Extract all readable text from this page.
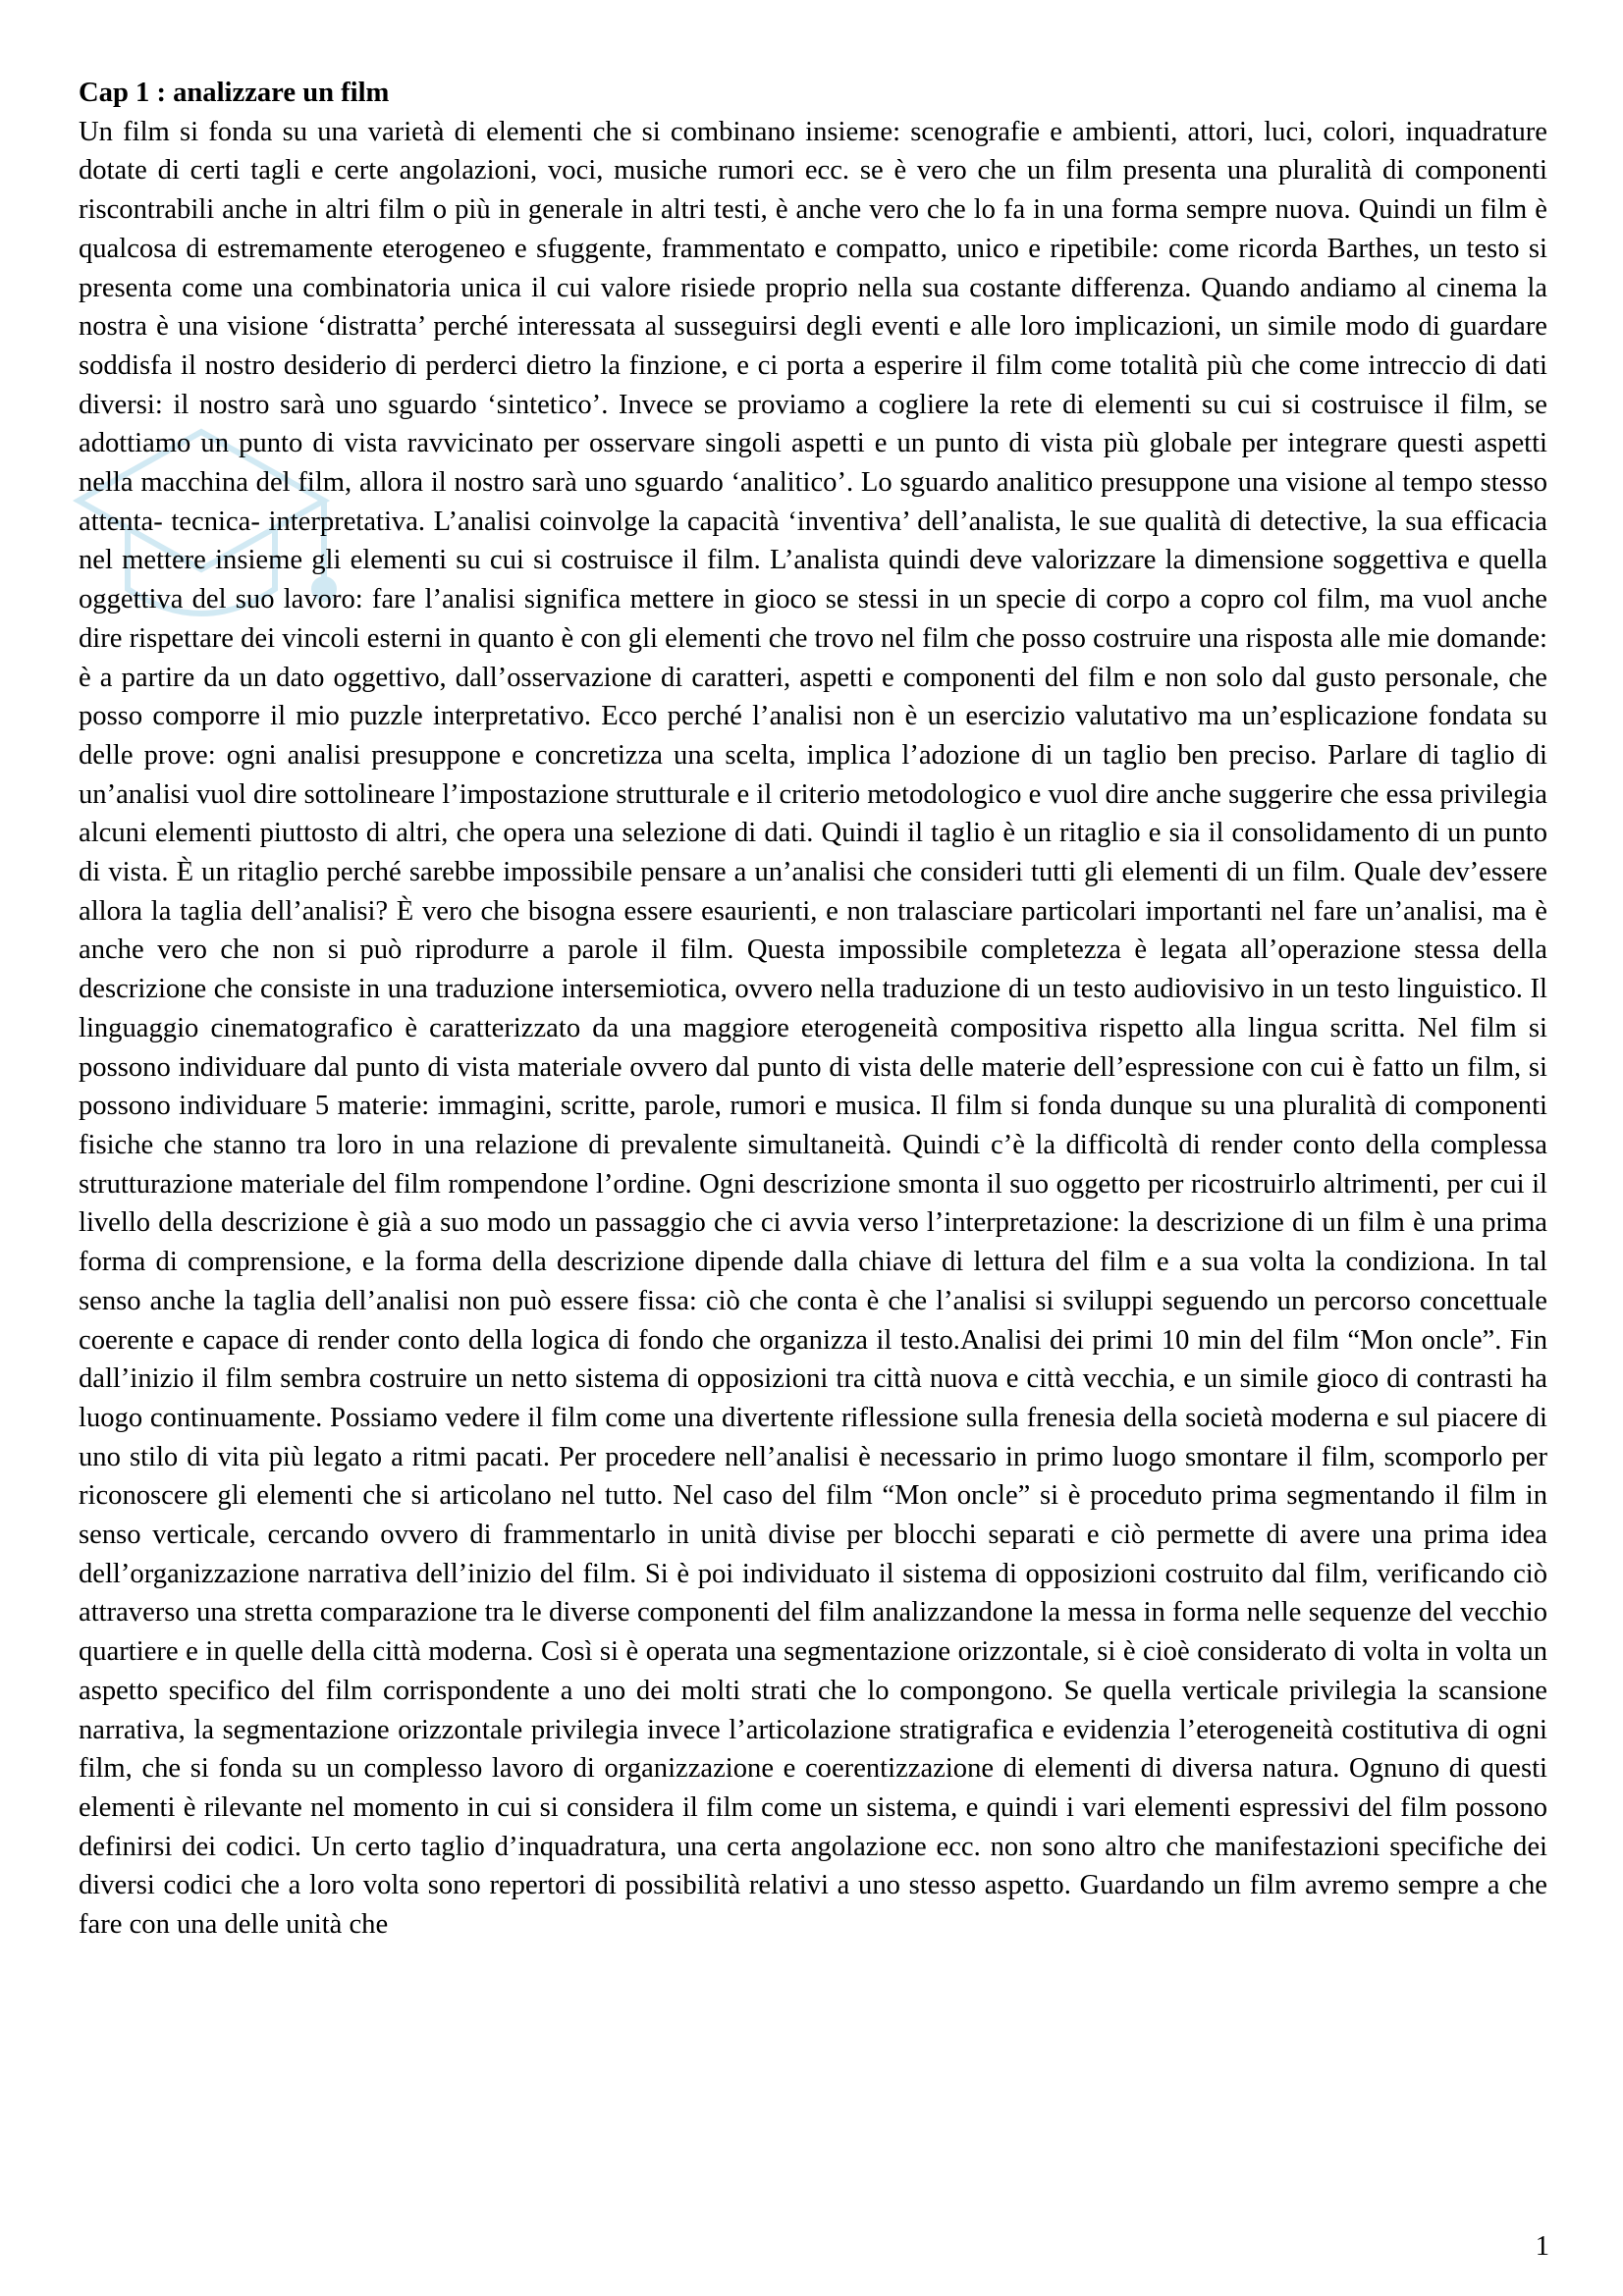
Cap 1 : analizzare un film

Un film si fonda su una varietà di elementi che si combinano insieme: scenografie e ambienti, attori, luci, colori, inquadrature dotate di certi tagli e certe angolazioni, voci, musiche rumori ecc. se è vero che un film presenta una pluralità di componenti riscontrabili anche in altri film o più in generale in altri testi, è anche vero che lo fa in una forma sempre nuova. Quindi un film è qualcosa di estremamente eterogeneo e sfuggente, frammentato e compatto, unico e ripetibile: come ricorda Barthes, un testo si presenta come una combinatoria unica il cui valore risiede proprio nella sua costante differenza. Quando andiamo al cinema la nostra è una visione ‘distratta’ perché interessata al susseguirsi degli eventi e alle loro implicazioni, un simile modo di guardare soddisfa il nostro desiderio di perderci dietro la finzione, e ci porta a esperire il film come totalità più che come intreccio di dati diversi: il nostro sarà uno sguardo ‘sintetico’. Invece se proviamo a cogliere la rete di elementi su cui si costruisce il film, se adottiamo un punto di vista ravvicinato per osservare singoli aspetti e un punto di vista più globale per integrare questi aspetti nella macchina del film, allora il nostro sarà uno sguardo ‘analitico’. Lo sguardo analitico presuppone una visione al tempo stesso attenta- tecnica- interpretativa. L’analisi coinvolge la capacità ‘inventiva’ dell’analista, le sue qualità di detective, la sua efficacia nel mettere insieme gli elementi su cui si costruisce il film. L’analista quindi deve valorizzare la dimensione soggettiva e quella oggettiva del suo lavoro: fare l’analisi significa mettere in gioco se stessi in un specie di corpo a copro col film, ma vuol anche dire rispettare dei vincoli esterni in quanto è con gli elementi che trovo nel film che posso costruire una risposta alle mie domande: è a partire da un dato oggettivo, dall’osservazione di caratteri, aspetti e componenti del film e non solo dal gusto personale, che posso comporre il mio puzzle interpretativo. Ecco perché l’analisi non è un esercizio valutativo ma un’esplicazione fondata su delle prove: ogni analisi presuppone e concretizza una scelta, implica l’adozione di un taglio ben preciso. Parlare di taglio di un’analisi vuol dire sottolineare l’impostazione strutturale e il criterio metodologico e vuol dire anche suggerire che essa privilegia alcuni elementi piuttosto di altri, che opera una selezione di dati. Quindi il taglio è un ritaglio e sia il consolidamento di un punto di vista. È un ritaglio perché sarebbe impossibile pensare a un’analisi che consideri tutti gli elementi di un film. Quale dev’essere allora la taglia dell’analisi? È vero che bisogna essere esaurienti, e non tralasciare particolari importanti nel fare un’analisi, ma è anche vero che non si può riprodurre a parole il film. Questa impossibile completezza è legata all’operazione stessa della descrizione che consiste in una traduzione intersemiotica, ovvero nella traduzione di un testo audiovisivo in un testo linguistico. Il linguaggio cinematografico è caratterizzato da una maggiore eterogeneità compositiva rispetto alla lingua scritta. Nel film si possono individuare dal punto di vista materiale ovvero dal punto di vista delle materie dell’espressione con cui è fatto un film, si possono individuare 5 materie: immagini, scritte, parole, rumori e musica. Il film si fonda dunque su una pluralità di componenti fisiche che stanno tra loro in una relazione di prevalente simultaneità. Quindi c’è la difficoltà di render conto della complessa strutturazione materiale del film rompendone l’ordine. Ogni descrizione smonta il suo oggetto per ricostruirlo altrimenti, per cui il livello della descrizione è già a suo modo un passaggio che ci avvia verso l’interpretazione: la descrizione di un film è una prima forma di comprensione, e la forma della descrizione dipende dalla chiave di lettura del film e a sua volta la condiziona. In tal senso anche la taglia dell’analisi non può essere fissa: ciò che conta è che l’analisi si sviluppi seguendo un percorso concettuale coerente e capace di render conto della logica di fondo che organizza il testo.Analisi dei primi 10 min del film “Mon oncle”. Fin dall’inizio il film sembra costruire un netto sistema di opposizioni tra città nuova e città vecchia, e un simile gioco di contrasti ha luogo continuamente. Possiamo vedere il film come una divertente riflessione sulla frenesia della società moderna e sul piacere di uno stilo di vita più legato a ritmi pacati. Per procedere nell’analisi è necessario in primo luogo smontare il film, scomporlo per riconoscere gli elementi che si articolano nel tutto. Nel caso del film “Mon oncle” si è proceduto prima segmentando il film in senso verticale, cercando ovvero di frammentarlo in unità divise per blocchi separati e ciò permette di avere una prima idea dell’organizzazione narrativa dell’inizio del film. Si è poi individuato il sistema di opposizioni costruito dal film, verificando ciò attraverso una stretta comparazione tra le diverse componenti del film analizzandone la messa in forma nelle sequenze del vecchio quartiere e in quelle della città moderna. Così si è operata una segmentazione orizzontale, si è cioè considerato di volta in volta un aspetto specifico del film corrispondente a uno dei molti strati che lo compongono. Se quella verticale privilegia la scansione narrativa, la segmentazione orizzontale privilegia invece l’articolazione stratigrafica e evidenzia l’eterogeneità costitutiva di ogni film, che si fonda su un complesso lavoro di organizzazione e coerentizzazione di elementi di diversa natura. Ognuno di questi elementi è rilevante nel momento in cui si considera il film come un sistema, e quindi i vari elementi espressivi del film possono definirsi dei codici. Un certo taglio d’inquadratura, una certa angolazione ecc. non sono altro che manifestazioni specifiche dei diversi codici che a loro volta sono repertori di possibilità relativi a uno stesso aspetto. Guardando un film avremo sempre a che fare con una delle unità che

1
